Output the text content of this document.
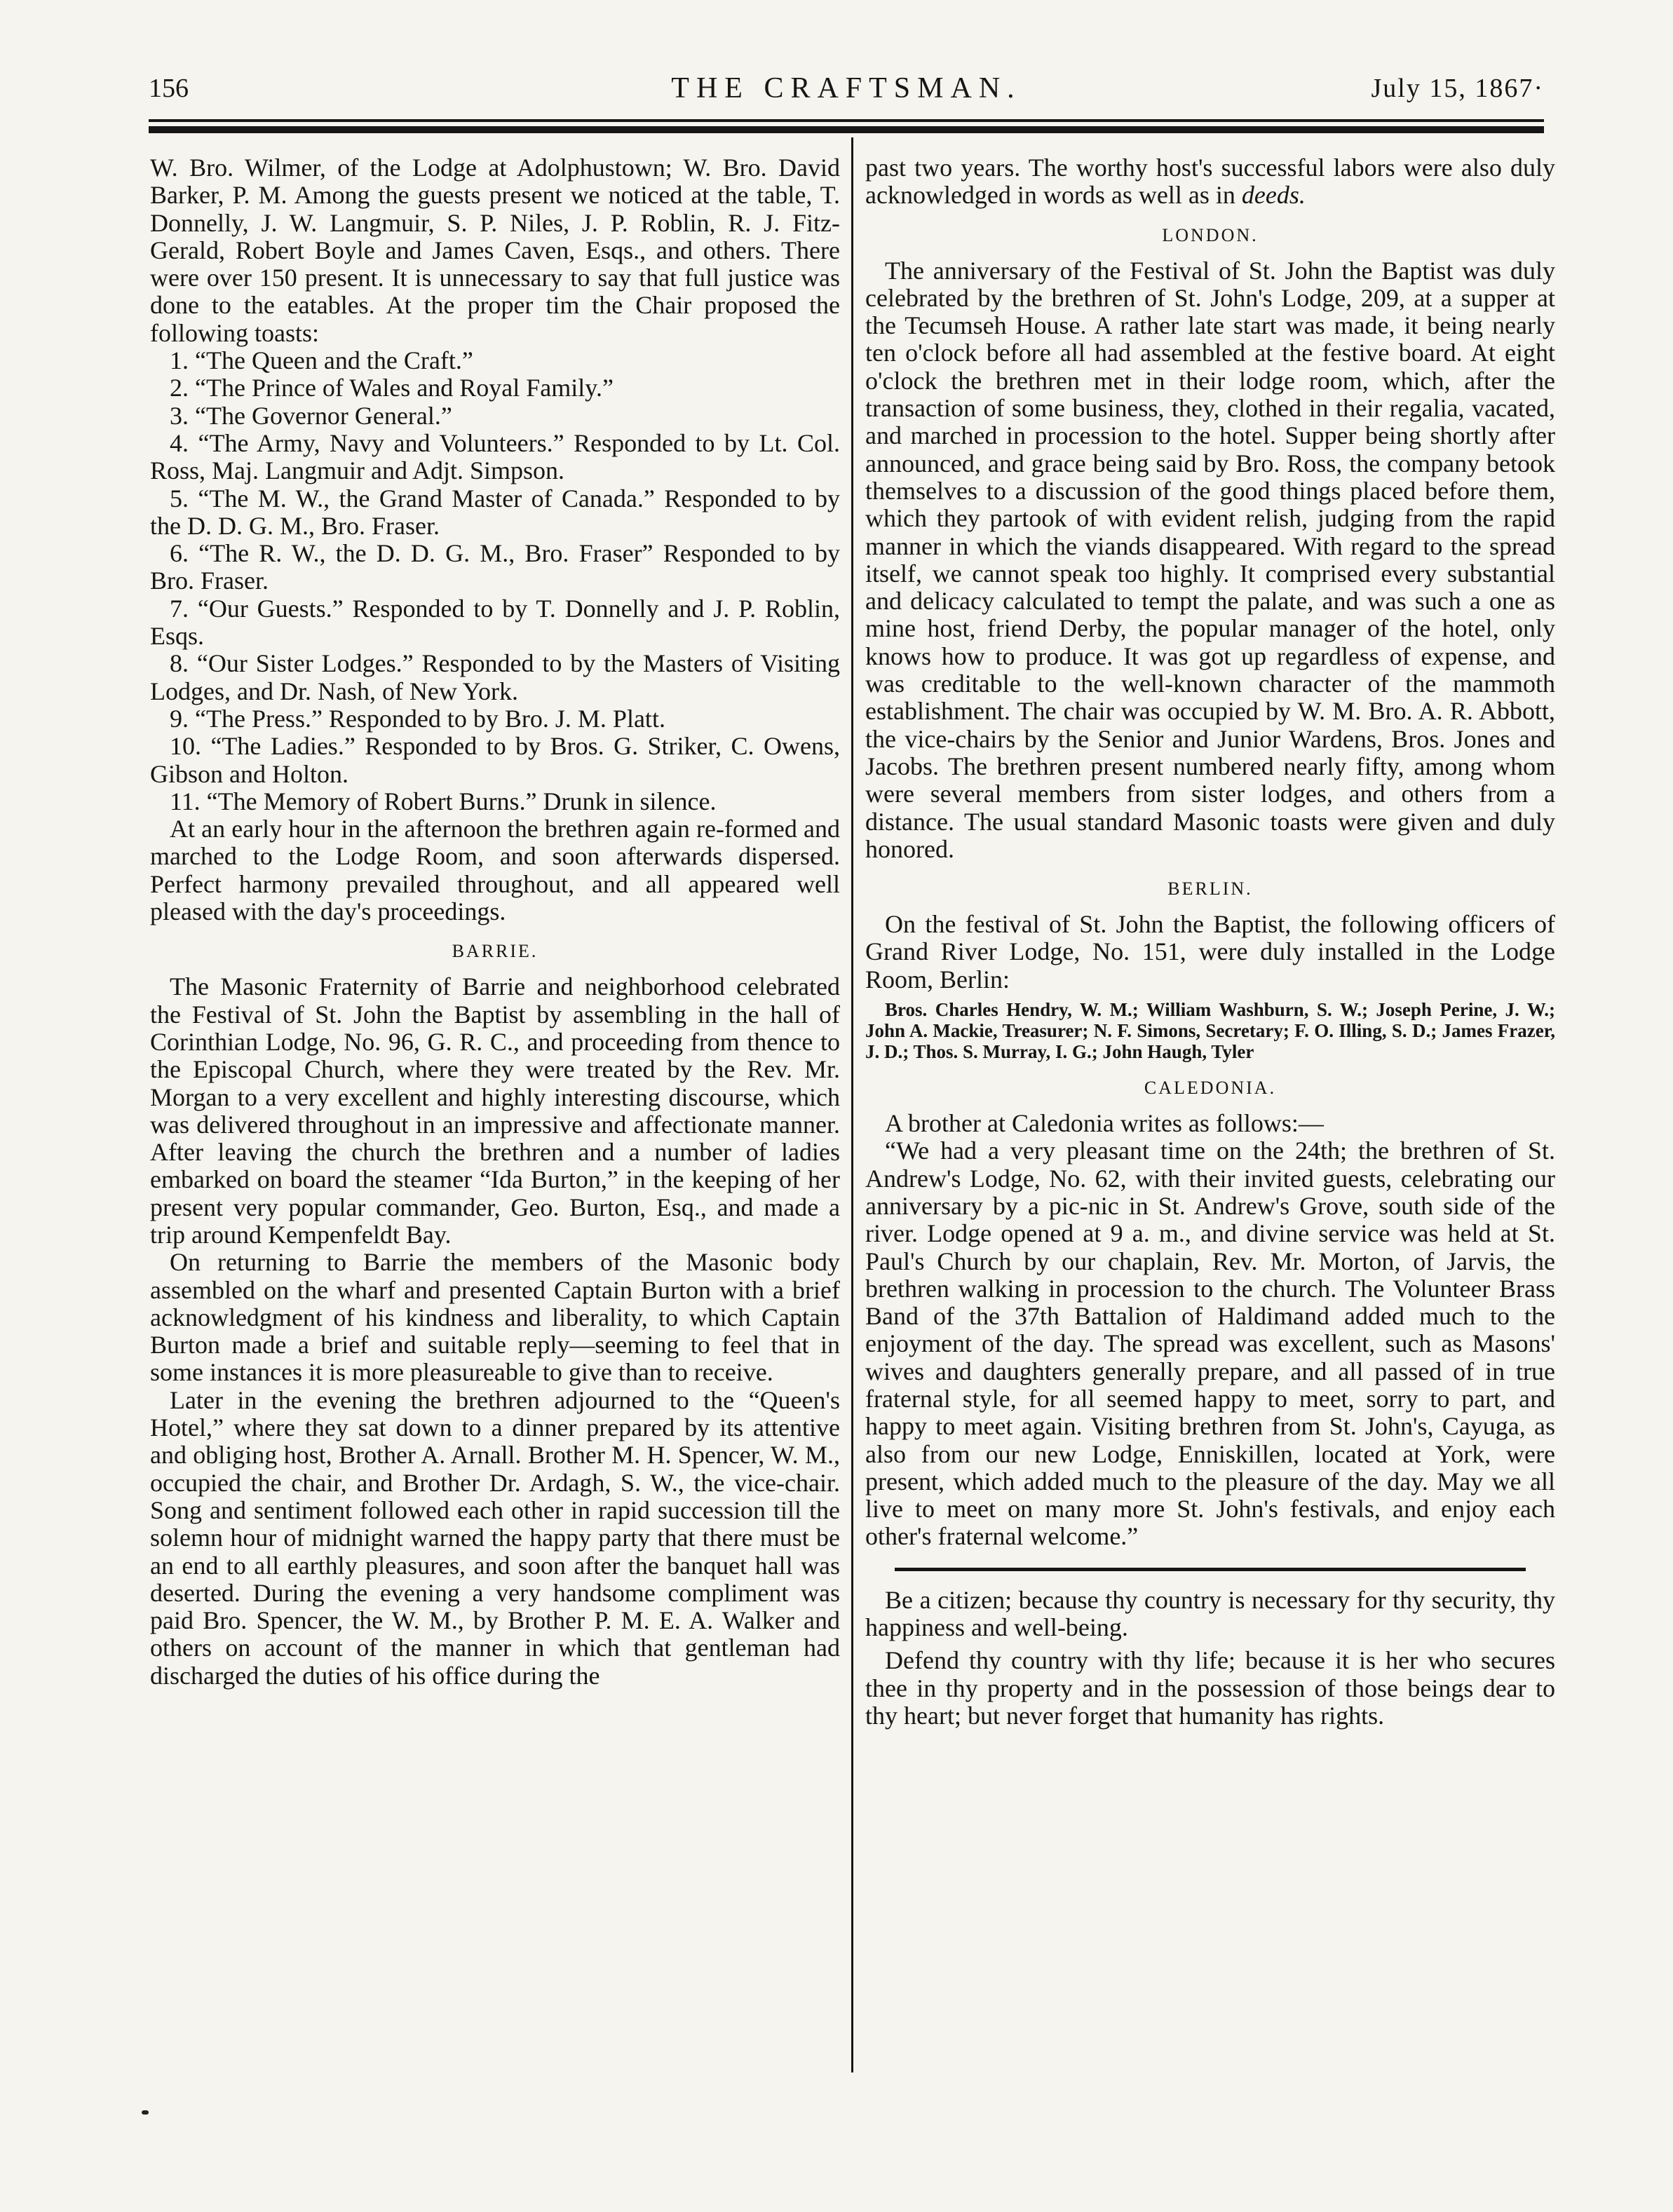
156	THE CRAFTSMAN.	July 15, 1867·

W. Bro. Wilmer, of the Lodge at Adolphustown; W. Bro. David Barker, P. M. Among the guests present we noticed at the table, T. Donnelly, J. W. Langmuir, S. P. Niles, J. P. Roblin, R. J. Fitz-Gerald, Robert Boyle and James Caven, Esqs., and others. There were over 150 present. It is unnecessary to say that full justice was done to the eatables. At the proper tim the Chair proposed the following toasts:

1. “The Queen and the Craft.”
2. “The Prince of Wales and Royal Family.”
3. “The Governor General.”
4. “The Army, Navy and Volunteers.” Responded to by Lt. Col. Ross, Maj. Langmuir and Adjt. Simpson.
5. “The M. W., the Grand Master of Canada.” Responded to by the D. D. G. M., Bro. Fraser.
6. “The R. W., the D. D. G. M., Bro. Fraser” Responded to by Bro. Fraser.
7. “Our Guests.” Responded to by T. Donnelly and J. P. Roblin, Esqs.
8. “Our Sister Lodges.” Responded to by the Masters of Visiting Lodges, and Dr. Nash, of New York.
9. “The Press.” Responded to by Bro. J. M. Platt.
10. “The Ladies.” Responded to by Bros. G. Striker, C. Owens, Gibson and Holton.
11. “The Memory of Robert Burns.” Drunk in silence.

At an early hour in the afternoon the brethren again re-formed and marched to the Lodge Room, and soon afterwards dispersed. Perfect harmony prevailed throughout, and all appeared well pleased with the day's proceedings.

BARRIE.

The Masonic Fraternity of Barrie and neighborhood celebrated the Festival of St. John the Baptist by assembling in the hall of Corinthian Lodge, No. 96, G. R. C., and proceeding from thence to the Episcopal Church, where they were treated by the Rev. Mr. Morgan to a very excellent and highly interesting discourse, which was delivered throughout in an impressive and affectionate manner. After leaving the church the brethren and a number of ladies embarked on board the steamer “Ida Burton,” in the keeping of her present very popular commander, Geo. Burton, Esq., and made a trip around Kempenfeldt Bay.

On returning to Barrie the members of the Masonic body assembled on the wharf and presented Captain Burton with a brief acknowledgment of his kindness and liberality, to which Captain Burton made a brief and suitable reply—seeming to feel that in some instances it is more pleasureable to give than to receive.

Later in the evening the brethren adjourned to the “Queen's Hotel,” where they sat down to a dinner prepared by its attentive and obliging host, Brother A. Arnall. Brother M. H. Spencer, W. M., occupied the chair, and Brother Dr. Ardagh, S. W., the vice-chair. Song and sentiment followed each other in rapid succession till the solemn hour of midnight warned the happy party that there must be an end to all earthly pleasures, and soon after the banquet hall was deserted. During the evening a very handsome compliment was paid Bro. Spencer, the W. M., by Brother P. M. E. A. Walker and others on account of the manner in which that gentleman had discharged the duties of his office during the

past two years. The worthy host's successful labors were also duly acknowledged in words as well as in deeds.

LONDON.

The anniversary of the Festival of St. John the Baptist was duly celebrated by the brethren of St. John's Lodge, 209, at a supper at the Tecumseh House. A rather late start was made, it being nearly ten o'clock before all had assembled at the festive board. At eight o'clock the brethren met in their lodge room, which, after the transaction of some business, they, clothed in their regalia, vacated, and marched in procession to the hotel. Supper being shortly after announced, and grace being said by Bro. Ross, the company betook themselves to a discussion of the good things placed before them, which they partook of with evident relish, judging from the rapid manner in which the viands disappeared. With regard to the spread itself, we cannot speak too highly. It comprised every substantial and delicacy calculated to tempt the palate, and was such a one as mine host, friend Derby, the popular manager of the hotel, only knows how to produce. It was got up regardless of expense, and was creditable to the well-known character of the mammoth establishment. The chair was occupied by W. M. Bro. A. R. Abbott, the vice-chairs by the Senior and Junior Wardens, Bros. Jones and Jacobs. The brethren present numbered nearly fifty, among whom were several members from sister lodges, and others from a distance. The usual standard Masonic toasts were given and duly honored.

BERLIN.

On the festival of St. John the Baptist, the following officers of Grand River Lodge, No. 151, were duly installed in the Lodge Room, Berlin:

Bros. Charles Hendry, W. M.; William Washburn, S. W.; Joseph Perine, J. W.; John A. Mackie, Treasurer; N. F. Simons, Secretary; F. O. Illing, S. D.; James Frazer, J. D.; Thos. S. Murray, I. G.; John Haugh, Tyler

CALEDONIA.

A brother at Caledonia writes as follows:—

“We had a very pleasant time on the 24th; the brethren of St. Andrew's Lodge, No. 62, with their invited guests, celebrating our anniversary by a pic-nic in St. Andrew's Grove, south side of the river. Lodge opened at 9 a. m., and divine service was held at St. Paul's Church by our chaplain, Rev. Mr. Morton, of Jarvis, the brethren walking in procession to the church. The Volunteer Brass Band of the 37th Battalion of Haldimand added much to the enjoyment of the day. The spread was excellent, such as Masons' wives and daughters generally prepare, and all passed of in true fraternal style, for all seemed happy to meet, sorry to part, and happy to meet again. Visiting brethren from St. John's, Cayuga, as also from our new Lodge, Enniskillen, located at York, were present, which added much to the pleasure of the day. May we all live to meet on many more St. John's festivals, and enjoy each other's fraternal welcome.”

Be a citizen; because thy country is necessary for thy security, thy happiness and well-being.

Defend thy country with thy life; because it is her who secures thee in thy property and in the possession of those beings dear to thy heart; but never forget that humanity has rights.
